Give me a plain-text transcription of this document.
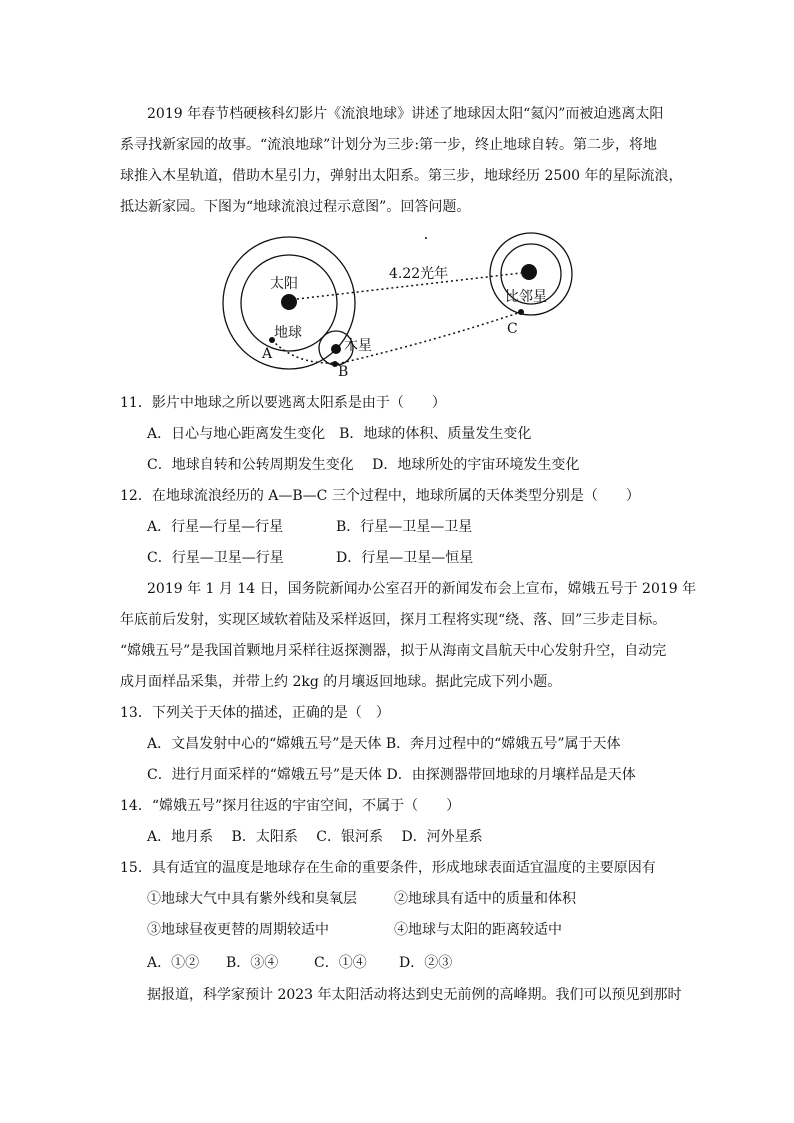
2019 年春节档硬核科幻影片《流浪地球》讲述了地球因太阳“氦闪”而被迫逃离太阳
系寻找新家园的故事。“流浪地球”计划分为三步:第一步，终止地球自转。第二步，将地
球推入木星轨道，借助木星引力，弹射出太阳系。第三步，地球经历 2500 年的星际流浪，
抵达新家园。下图为“地球流浪过程示意图”。回答问题。
太阳
地球
木星
比邻星
4.22光年
A
B
C
11．影片中地球之所以要逃离太阳系是由于（　　）
A．日心与地心距离发生变化　B．地球的体积、质量发生变化
C．地球自转和公转周期发生变化　 D．地球所处的宇宙环境发生变化
12．在地球流浪经历的 A—B—C 三个过程中，地球所属的天体类型分别是（　　）
A．行星—行星—行星	B．行星—卫星—卫星
C．行星—卫星—行星	D．行星—卫星—恒星
2019 年 1 月 14 日，国务院新闻办公室召开的新闻发布会上宣布，嫦娥五号于 2019 年
年底前后发射，实现区域软着陆及采样返回，探月工程将实现“绕、落、回”三步走目标。
“嫦娥五号”是我国首颗地月采样往返探测器，拟于从海南文昌航天中心发射升空，自动完
成月面样品采集，并带上约 2kg 的月壤返回地球。据此完成下列小题。
13．下列关于天体的描述，正确的是（　）
A．文昌发射中心的“嫦娥五号”是天体 B．奔月过程中的“嫦娥五号”属于天体
C．进行月面采样的“嫦娥五号”是天体 D．由探测器带回地球的月壤样品是天体
14．“嫦娥五号”探月往返的宇宙空间，不属于（　　）
A．地月系　 B．太阳系　 C．银河系　 D．河外星系
15．具有适宜的温度是地球存在生命的重要条件，形成地球表面适宜温度的主要原因有
①地球大气中具有紫外线和臭氧层	②地球具有适中的质量和体积
③地球昼夜更替的周期较适中	④地球与太阳的距离较适中
A．①② B．③④	C．①④ D．②③
据报道，科学家预计 2023 年太阳活动将达到史无前例的高峰期。我们可以预见到那时
